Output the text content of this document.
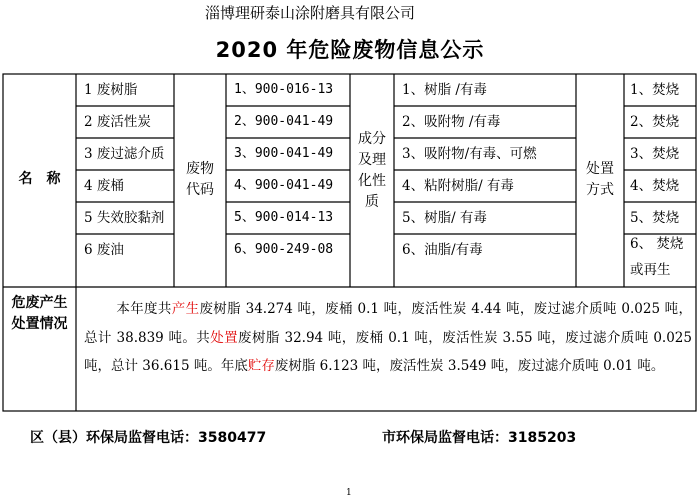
淄博理研泰山涂附磨具有限公司
2020 年危险废物信息公示
名　称
1 废树脂
2 废活性炭
3 废过滤介质
4 废桶
5 失效胶黏剂
6 废油
废物
代码
1、900-016-13
2、900-041-49
3、900-041-49
4、900-041-49
5、900-014-13
6、900-249-08
成分
及理
化性
质
1、树脂 /有毒
2、吸附物 /有毒
3、吸附物/有毒、可燃
4、粘附树脂/ 有毒
5、树脂/ 有毒
6、油脂/有毒
处置
方式
1、焚烧
2、焚烧
3、焚烧
4、焚烧
5、焚烧
6、 焚烧
或再生
危废产生
处置情况
本年度共产生废树脂 34.274 吨，废桶 0.1 吨，废活性炭 4.44 吨，废过滤介质吨 0.025 吨，总计 38.839 吨。共处置废树脂 32.94 吨，废桶 0.1 吨，废活性炭 3.55 吨，废过滤介质吨 0.025 吨，总计 36.615 吨。年底贮存废树脂 6.123 吨，废活性炭 3.549 吨，废过滤介质吨 0.01 吨。
区（县）环保局监督电话：3580477	市环保局监督电话：3185203
1
